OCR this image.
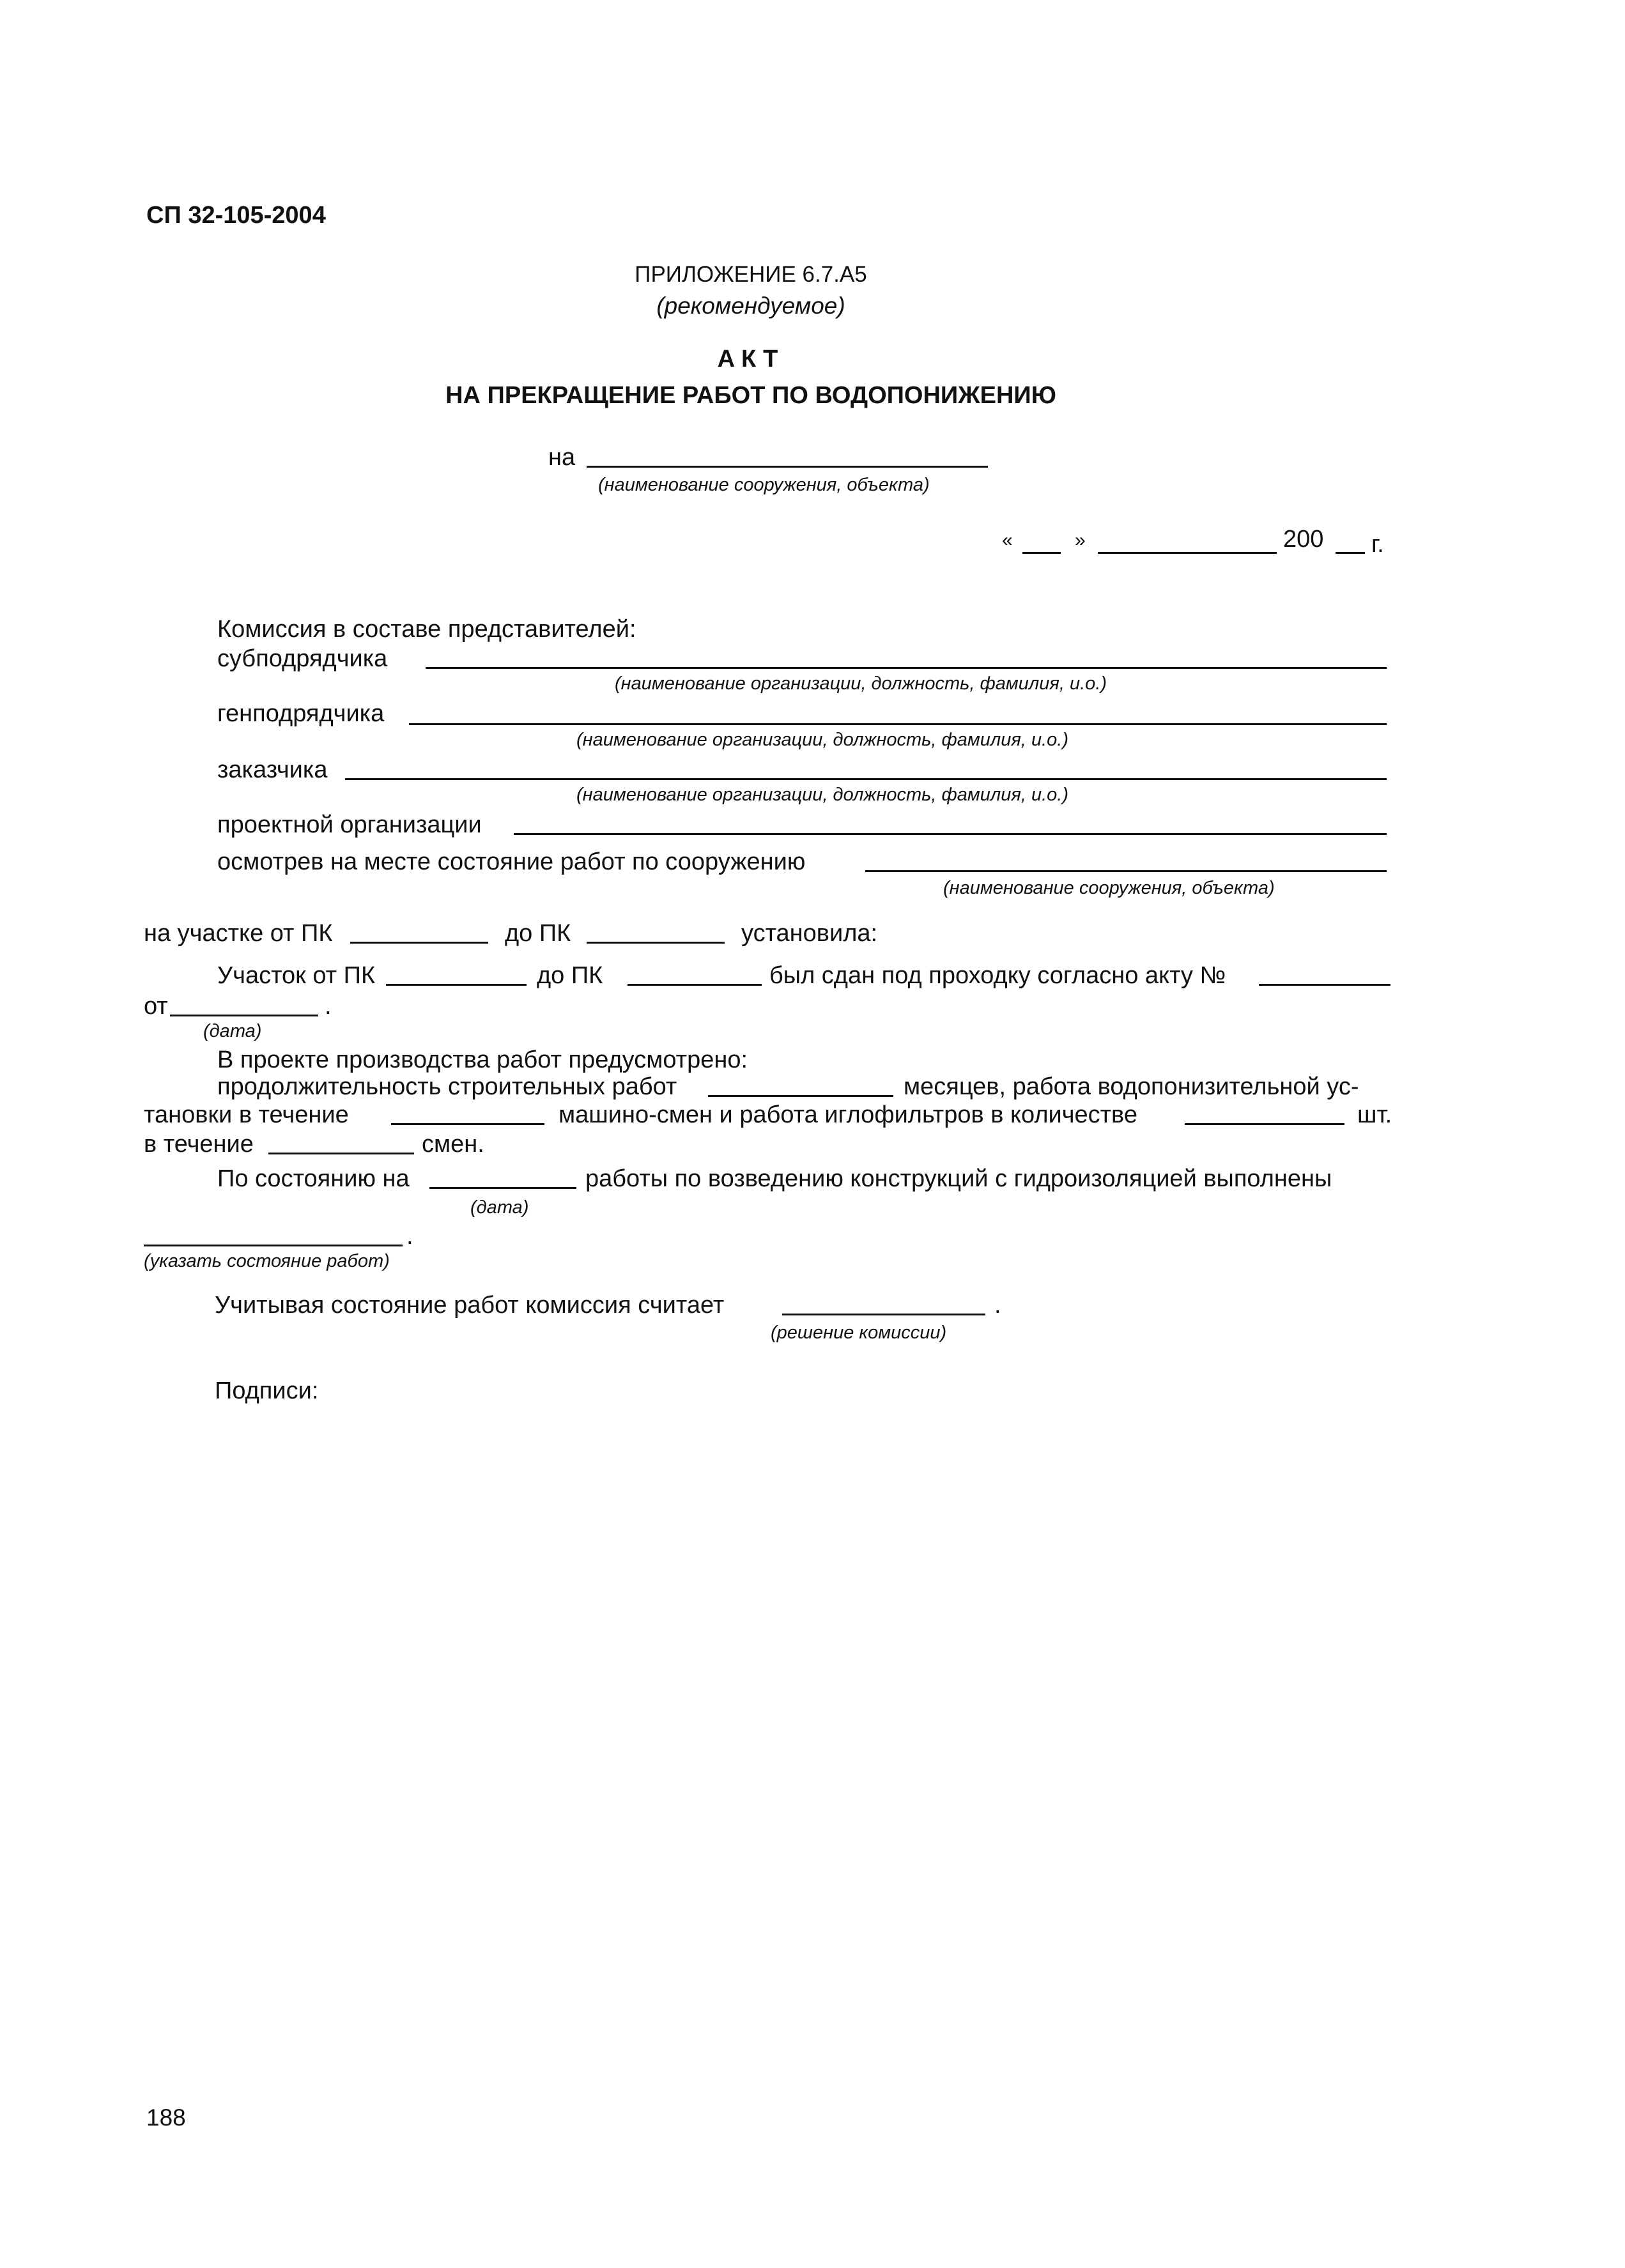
СП 32-105-2004
ПРИЛОЖЕНИЕ 6.7.А5
(рекомендуемое)
АКТ
НА ПРЕКРАЩЕНИЕ РАБОТ ПО ВОДОПОНИЖЕНИЮ
на
(наименование сооружения, объекта)
«	»	200 г.
Комиссия в составе представителей:
субподрядчика
(наименование организации, должность, фамилия, и.о.)
генподрядчика
(наименование организации, должность, фамилия, и.о.)
заказчика
(наименование организации, должность, фамилия, и.о.)
проектной организации
осмотрев на месте состояние работ по сооружению
(наименование сооружения, объекта)
на участке от ПК	до ПК	установила:
Участок от ПК	до ПК	был сдан под проходку согласно акту №
от	.
(дата)
В проекте производства работ предусмотрено:
продолжительность строительных работ	месяцев, работа водопонизительной ус-
тановки в течение	машино-смен и работа иглофильтров в количестве	шт.
в течение	смен.
По состоянию на	работы по возведению конструкций с гидроизоляцией выполнены
(дата)
.
(указать состояние работ)
Учитывая состояние работ комиссия считает	.
(решение комиссии)
Подписи:
188
